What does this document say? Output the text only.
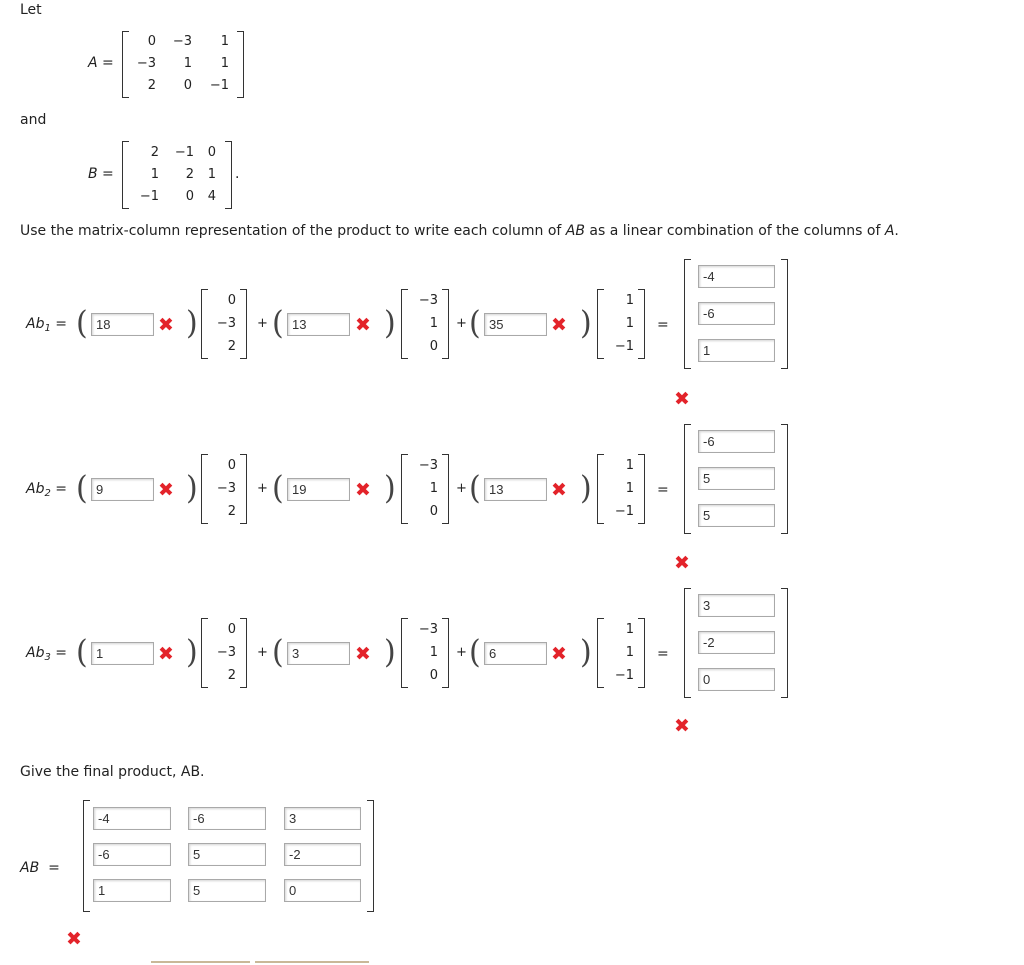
Let
A =
0 −3 1
−3 1 1
2 0 −1
and
B =
2 −1 0
1 2 1
−1 0 4
.
Use the matrix-column representation of the product to write each column of AB as a linear combination of the columns of A.
$Ab_1$ = ( 18	✖ )
0
−3
2
+ ( 13	✖ )
−3
1
0
+ ( 35	✖ )
1
1
−1
=
-4
-6
1
✖
$Ab_2$ = ( 9	✖ )
0
−3
2
+ ( 19	✖ )
−3
1
0
+ ( 13	✖ )
1
1
−1
=
-6
5
5
✖
$Ab_3$ = ( 1	✖ )
0
−3
2
+ ( 3	✖ )
−3
1
0
+ ( 6	✖ )
1
1
−1
=
3
-2
0
✖
Give the final product, AB.
AB =
-4	-6	3
-6	5	-2
1	5	0
✖
